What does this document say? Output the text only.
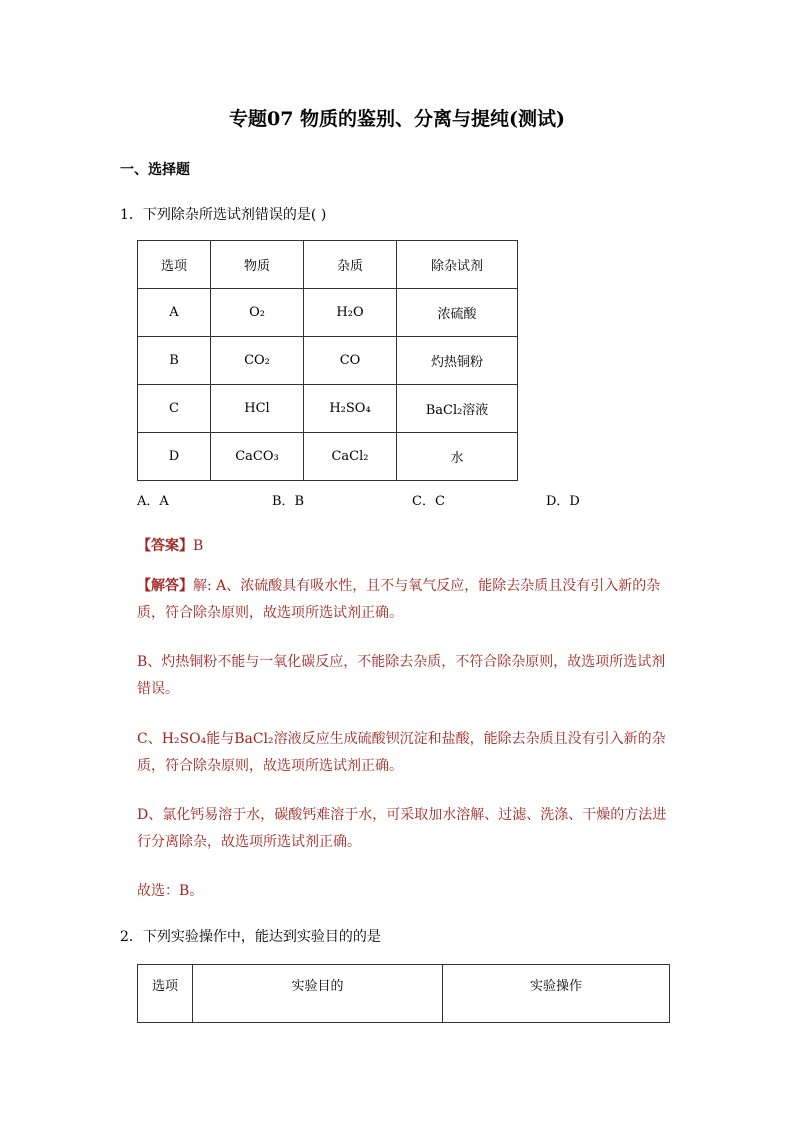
专题07 物质的鉴别、分离与提纯(测试)
一、选择题
1．下列除杂所选试剂错误的是( )
选项	物质	杂质	除杂试剂
A	O₂	H₂O	浓硫酸
B	CO₂	CO	灼热铜粉
C	HCl	H₂SO₄	BaCl₂溶液
D	CaCO₃	CaCl₂	水
A．A	B．B	C．C	D．D
【答案】B
【解答】解: A、浓硫酸具有吸水性，且不与氧气反应，能除去杂质且没有引入新的杂质，符合除杂原则，故选项所选试剂正确。
B、灼热铜粉不能与一氧化碳反应，不能除去杂质，不符合除杂原则，故选项所选试剂错误。
C、H₂SO₄能与BaCl₂溶液反应生成硫酸钡沉淀和盐酸，能除去杂质且没有引入新的杂质，符合除杂原则，故选项所选试剂正确。
D、氯化钙易溶于水，碳酸钙难溶于水，可采取加水溶解、过滤、洗涤、干燥的方法进行分离除杂，故选项所选试剂正确。
故选：B。
2．下列实验操作中，能达到实验目的的是
选项	实验目的	实验操作
